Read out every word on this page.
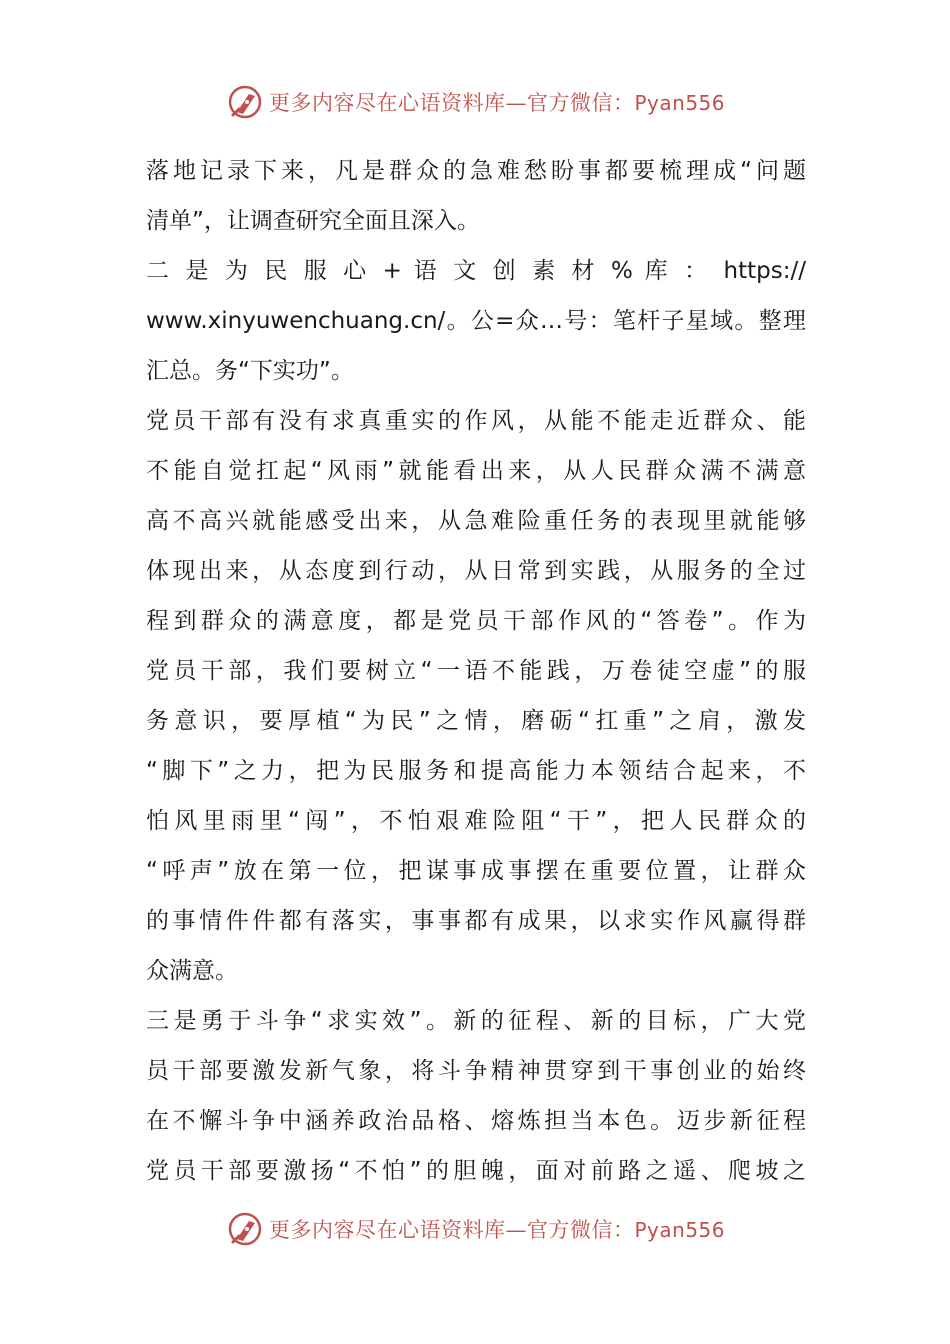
更多内容尽在心语资料库—官方微信：Pyan556
落地记录下来，凡是群众的急难愁盼事都要梳理成“问题
清单”，让调查研究全面且深入。
二 是 为 民 服 心 + 语 文 创 素 材 % 库 ： https://
www.xinyuwenchuang.cn/。公=众…号：笔杆子星域。整理
汇总。务“下实功”。
党员干部有没有求真重实的作风，从能不能走近群众、能
不能自觉扛起“风雨”就能看出来，从人民群众满不满意
高不高兴就能感受出来，从急难险重任务的表现里就能够
体现出来，从态度到行动，从日常到实践，从服务的全过
程到群众的满意度，都是党员干部作风的“答卷”。作为
党员干部，我们要树立“一语不能践，万卷徒空虚”的服
务意识，要厚植“为民”之情，磨砺“扛重”之肩，激发
“脚下”之力，把为民服务和提高能力本领结合起来，不
怕风里雨里“闯”，不怕艰难险阻“干”，把人民群众的
“呼声”放在第一位，把谋事成事摆在重要位置，让群众
的事情件件都有落实，事事都有成果，以求实作风赢得群
众满意。
三是勇于斗争“求实效”。新的征程、新的目标，广大党
员干部要激发新气象，将斗争精神贯穿到干事创业的始终
在不懈斗争中涵养政治品格、熔炼担当本色。迈步新征程
党员干部要激扬“不怕”的胆魄，面对前路之遥、爬坡之
更多内容尽在心语资料库—官方微信：Pyan556
